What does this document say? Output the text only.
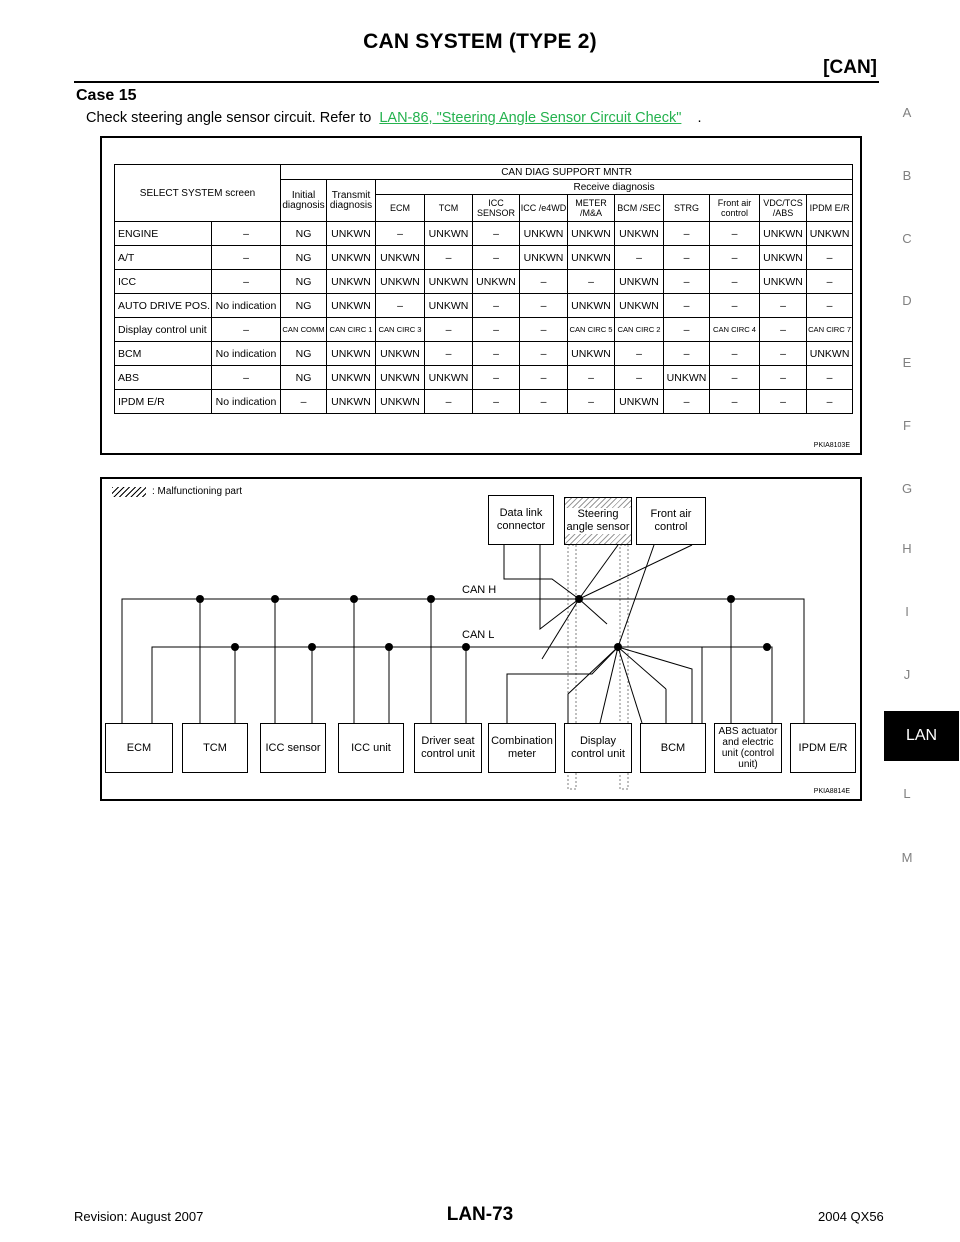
CAN SYSTEM (TYPE 2)
[CAN]
Case 15
Check steering angle sensor circuit. Refer to LAN-86, "Steering Angle Sensor Circuit Check" .	A
B
C
D
E
F
G
H
I
J
L
M
LAN
SELECT SYSTEM screen		CAN DIAG SUPPORT MNTR											
		Initial diagnosis	Transmit diagnosis	Receive diagnosis									
				ECM	TCM	ICC SENSOR	ICC /e4WD	METER /M&A	BCM /SEC	STRG	Front air control	VDC/TCS /ABS	IPDM E/R
ENGINE	–	NG	UNKWN	–	UNKWN	–	UNKWN	UNKWN	UNKWN	–	–	UNKWN	UNKWN
A/T	–	NG	UNKWN	UNKWN	–	–	UNKWN	UNKWN	–	–	–	UNKWN	–
ICC	–	NG	UNKWN	UNKWN	UNKWN	UNKWN	–	–	UNKWN	–	–	UNKWN	–
AUTO DRIVE POS.	No indication	NG	UNKWN	–	UNKWN	–	–	UNKWN	UNKWN	–	–	–	–
Display control unit	–	CAN COMM	CAN CIRC 1	CAN CIRC 3	–	–	–	CAN CIRC 5	CAN CIRC 2	–	CAN CIRC 4	–	CAN CIRC 7
BCM	No indication	NG	UNKWN	UNKWN	–	–	–	UNKWN	–	–	–	–	UNKWN
ABS	–	NG	UNKWN	UNKWN	UNKWN	–	–	–	–	UNKWN	–	–	–
IPDM E/R	No indication	–	UNKWN	UNKWN	–	–	–	–	UNKWN	–	–	–	–
PKIA8103E
: Malfunctioning part
CAN H
CAN L
Data link connector
Steering angle sensor
Front air control
ECM	TCM	ICC sensor	ICC unit
Driver seat control unit
Combination meter
Display control unit
BCM
ABS actuator and electric unit (control unit)
IPDM E/R
PKIA8814E
Revision: August 2007	LAN-73	2004 QX56
